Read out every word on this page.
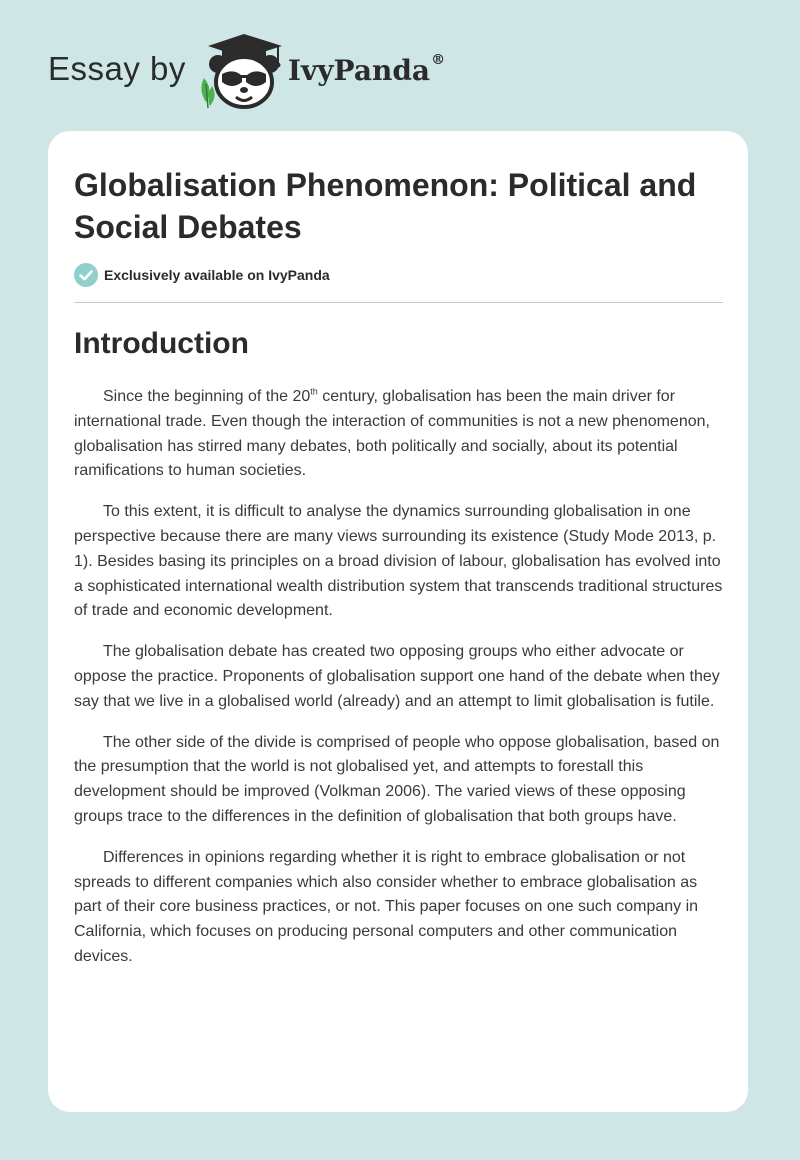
Essay by	IvyPanda®
Globalisation Phenomenon: Political and Social Debates
Exclusively available on IvyPanda
Introduction

Since the beginning of the 20th century, globalisation has been the main driver for international trade. Even though the interaction of communities is not a new phenomenon, globalisation has stirred many debates, both politically and socially, about its potential ramifications to human societies.

To this extent, it is difficult to analyse the dynamics surrounding globalisation in one perspective because there are many views surrounding its existence (Study Mode 2013, p. 1). Besides basing its principles on a broad division of labour, globalisation has evolved into a sophisticated international wealth distribution system that transcends traditional structures of trade and economic development.

The globalisation debate has created two opposing groups who either advocate or oppose the practice. Proponents of globalisation support one hand of the debate when they say that we live in a globalised world (already) and an attempt to limit globalisation is futile.

The other side of the divide is comprised of people who oppose globalisation, based on the presumption that the world is not globalised yet, and attempts to forestall this development should be improved (Volkman 2006). The varied views of these opposing groups trace to the differences in the definition of globalisation that both groups have.

Differences in opinions regarding whether it is right to embrace globalisation or not spreads to different companies which also consider whether to embrace globalisation as part of their core business practices, or not. This paper focuses on one such company in California, which focuses on producing personal computers and other communication devices.
